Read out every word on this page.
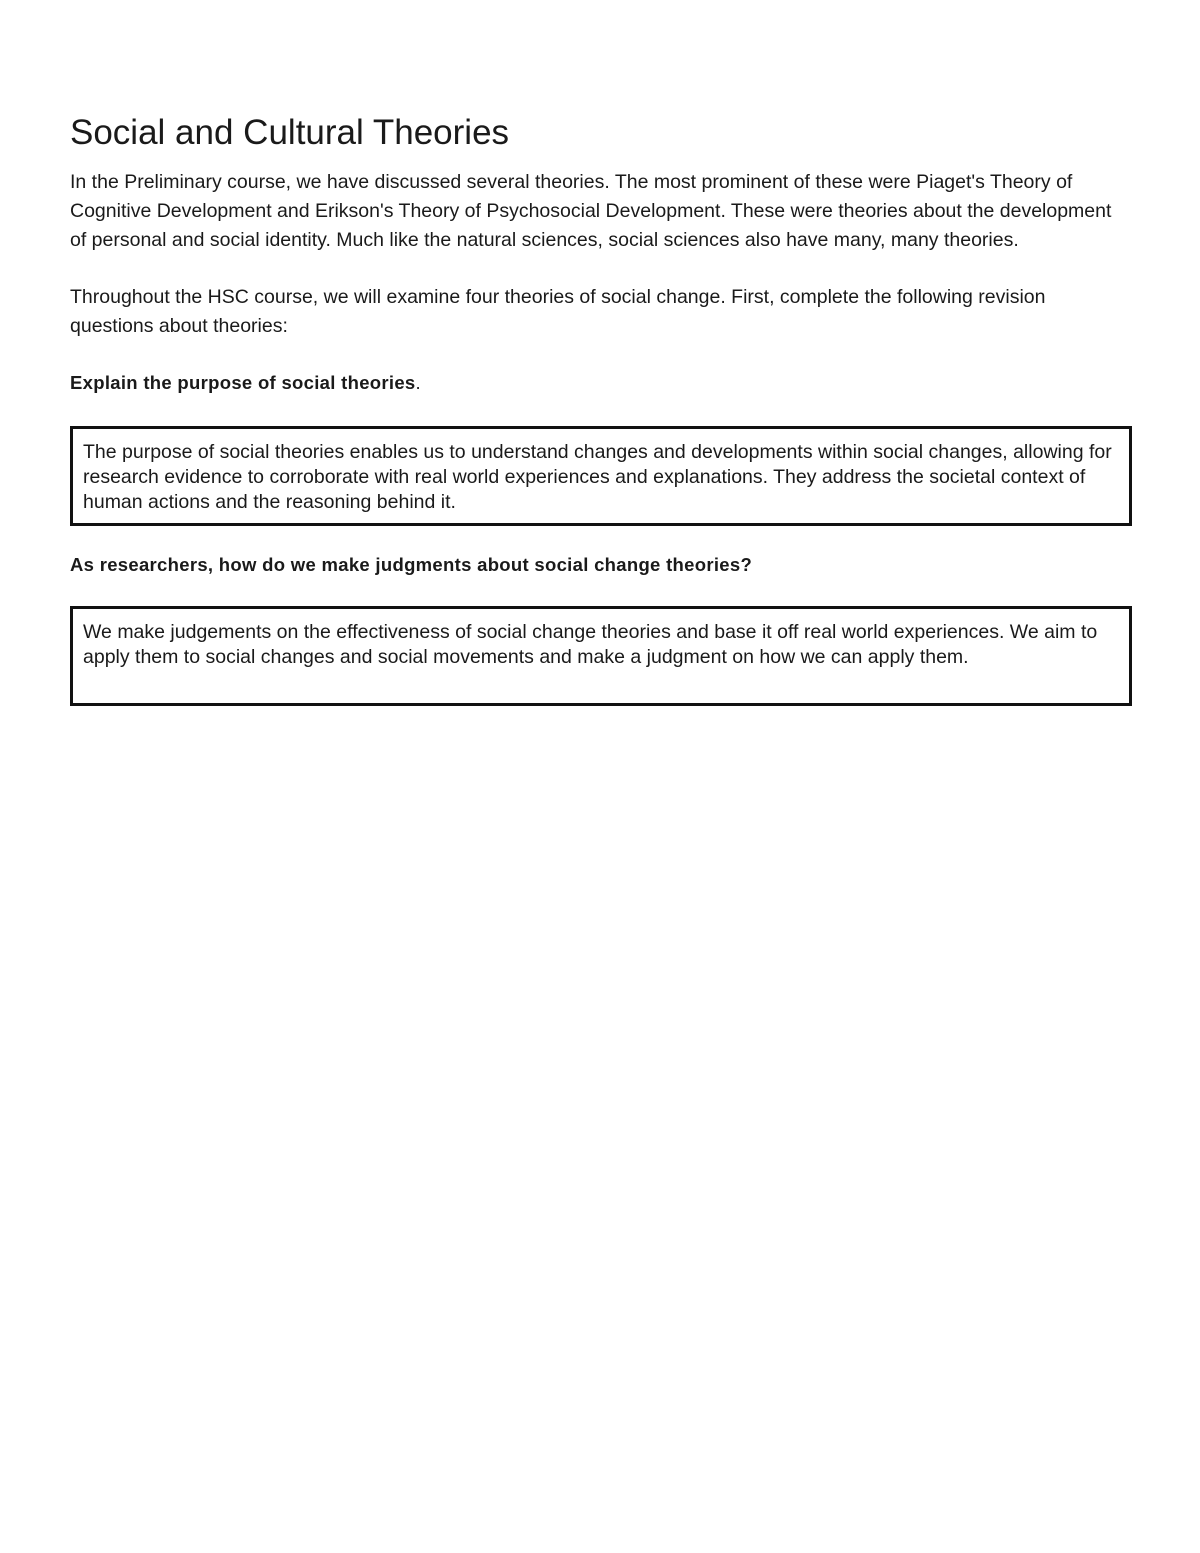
Social and Cultural Theories

In the Preliminary course, we have discussed several theories. The most prominent of these were Piaget's Theory of Cognitive Development and Erikson's Theory of Psychosocial Development. These were theories about the development of personal and social identity. Much like the natural sciences, social sciences also have many, many theories.

Throughout the HSC course, we will examine four theories of social change. First, complete the following revision questions about theories:

Explain the purpose of social theories.

The purpose of social theories enables us to understand changes and developments within social changes, allowing for research evidence to corroborate with real world experiences and explanations. They address the societal context of human actions and the reasoning behind it.

As researchers, how do we make judgments about social change theories?

We make judgements on the effectiveness of social change theories and base it off real world experiences. We aim to apply them to social changes and social movements and make a judgment on how we can apply them.
